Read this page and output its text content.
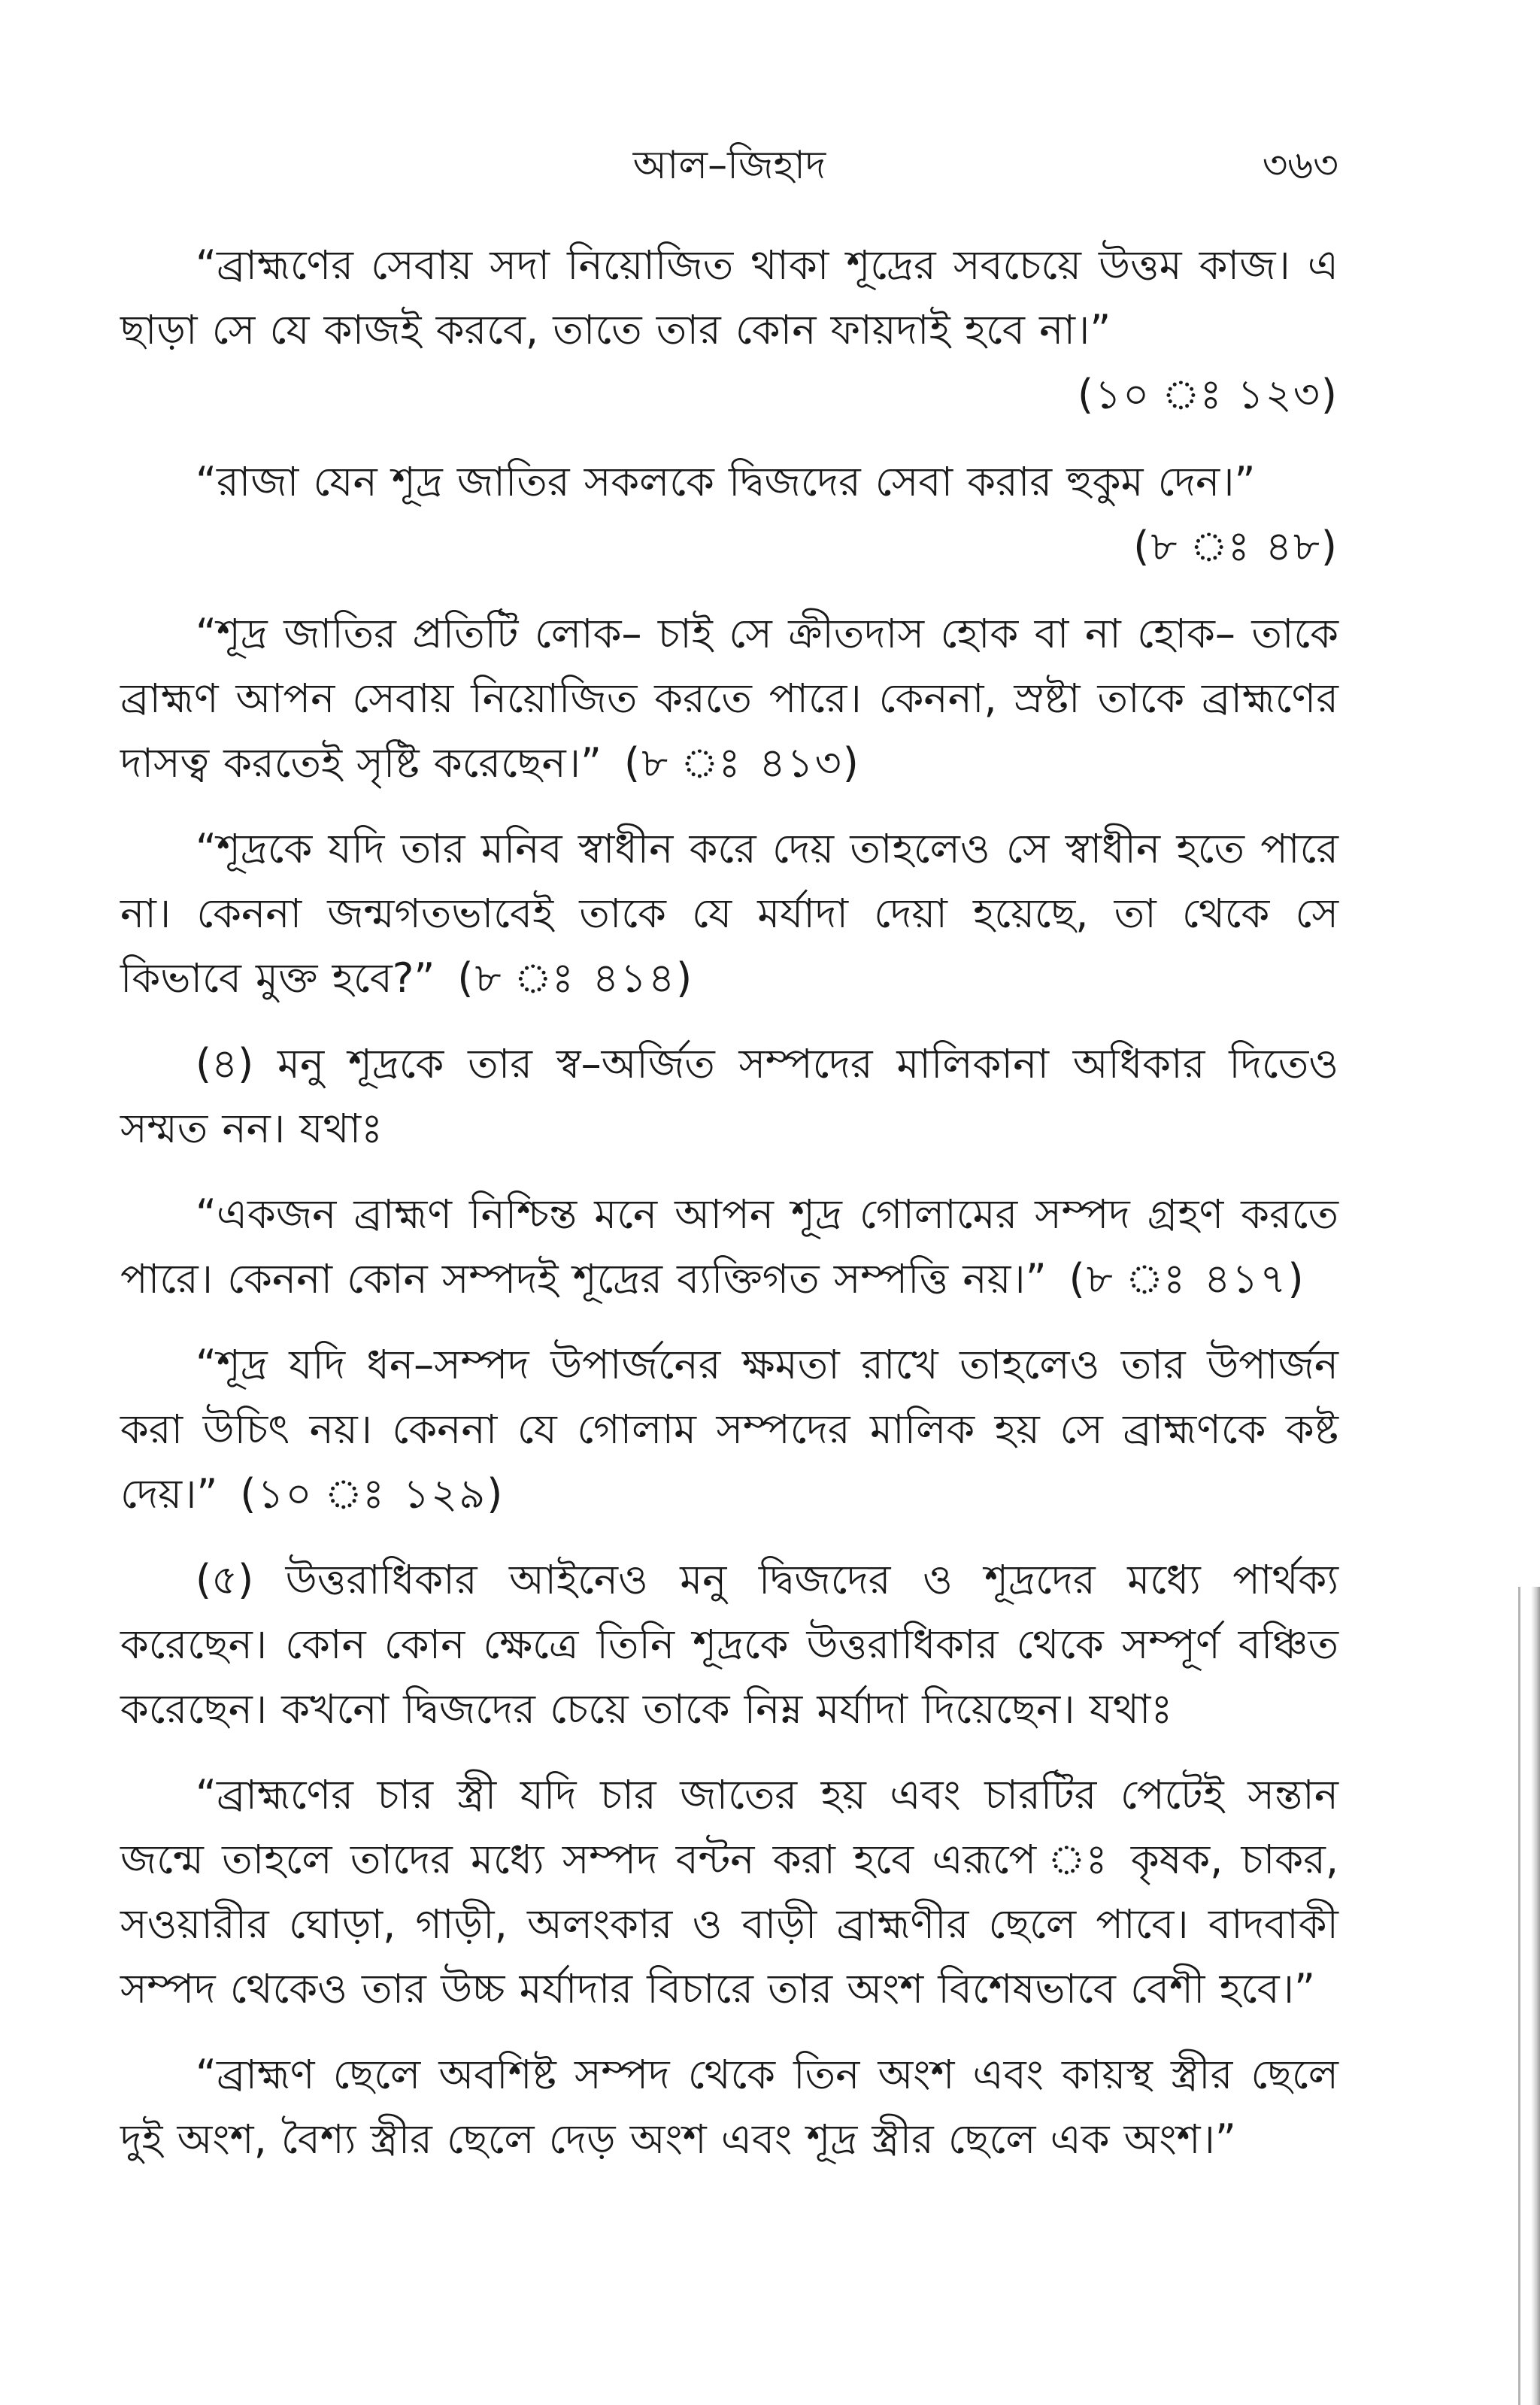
আল–জিহাদ	৩৬৩

“ব্রাহ্মণের সেবায় সদা নিয়োজিত থাকা শূদ্রের সবচেয়ে উত্তম কাজ। এ ছাড়া সে যে কাজই করবে, তাতে তার কোন ফায়দাই হবে না।”

(১০ ঃ ১২৩)

“রাজা যেন শূদ্র জাতির সকলকে দ্বিজদের সেবা করার হুকুম দেন।”

(৮ ঃ ৪৮)

“শূদ্র জাতির প্রতিটি লোক– চাই সে ক্রীতদাস হোক বা না হোক– তাকে ব্রাহ্মণ আপন সেবায় নিয়োজিত করতে পারে। কেননা, স্রষ্টা তাকে ব্রাহ্মণের দাসত্ব করতেই সৃষ্টি করেছেন।” (৮ ঃ ৪১৩)

“শূদ্রকে যদি তার মনিব স্বাধীন করে দেয় তাহলেও সে স্বাধীন হতে পারে না। কেননা জন্মগতভাবেই তাকে যে মর্যাদা দেয়া হয়েছে, তা থেকে সে কিভাবে মুক্ত হবে?” (৮ ঃ ৪১৪)

(৪) মনু শূদ্রকে তার স্ব–অর্জিত সম্পদের মালিকানা অধিকার দিতেও সম্মত নন। যথাঃ

“একজন ব্রাহ্মণ নিশ্চিন্ত মনে আপন শূদ্র গোলামের সম্পদ গ্রহণ করতে পারে। কেননা কোন সম্পদই শূদ্রের ব্যক্তিগত সম্পত্তি নয়।” (৮ ঃ ৪১৭)

“শূদ্র যদি ধন–সম্পদ উপার্জনের ক্ষমতা রাখে তাহলেও তার উপার্জন করা উচিৎ নয়। কেননা যে গোলাম সম্পদের মালিক হয় সে ব্রাহ্মণকে কষ্ট দেয়।” (১০ ঃ ১২৯)

(৫) উত্তরাধিকার আইনেও মনু দ্বিজদের ও শূদ্রদের মধ্যে পার্থক্য করেছেন। কোন কোন ক্ষেত্রে তিনি শূদ্রকে উত্তরাধিকার থেকে সম্পূর্ণ বঞ্চিত করেছেন। কখনো দ্বিজদের চেয়ে তাকে নিম্ন মর্যাদা দিয়েছেন। যথাঃ

“ব্রাহ্মণের চার স্ত্রী যদি চার জাতের হয় এবং চারটির পেটেই সন্তান জন্মে তাহলে তাদের মধ্যে সম্পদ বন্টন করা হবে এরূপে ঃ কৃষক, চাকর, সওয়ারীর ঘোড়া, গাড়ী, অলংকার ও বাড়ী ব্রাহ্মণীর ছেলে পাবে। বাদবাকী সম্পদ থেকেও তার উচ্চ মর্যাদার বিচারে তার অংশ বিশেষভাবে বেশী হবে।”

“ব্রাহ্মণ ছেলে অবশিষ্ট সম্পদ থেকে তিন অংশ এবং কায়স্থ স্ত্রীর ছেলে দুই অংশ, বৈশ্য স্ত্রীর ছেলে দেড় অংশ এবং শূদ্র স্ত্রীর ছেলে এক অংশ।”
